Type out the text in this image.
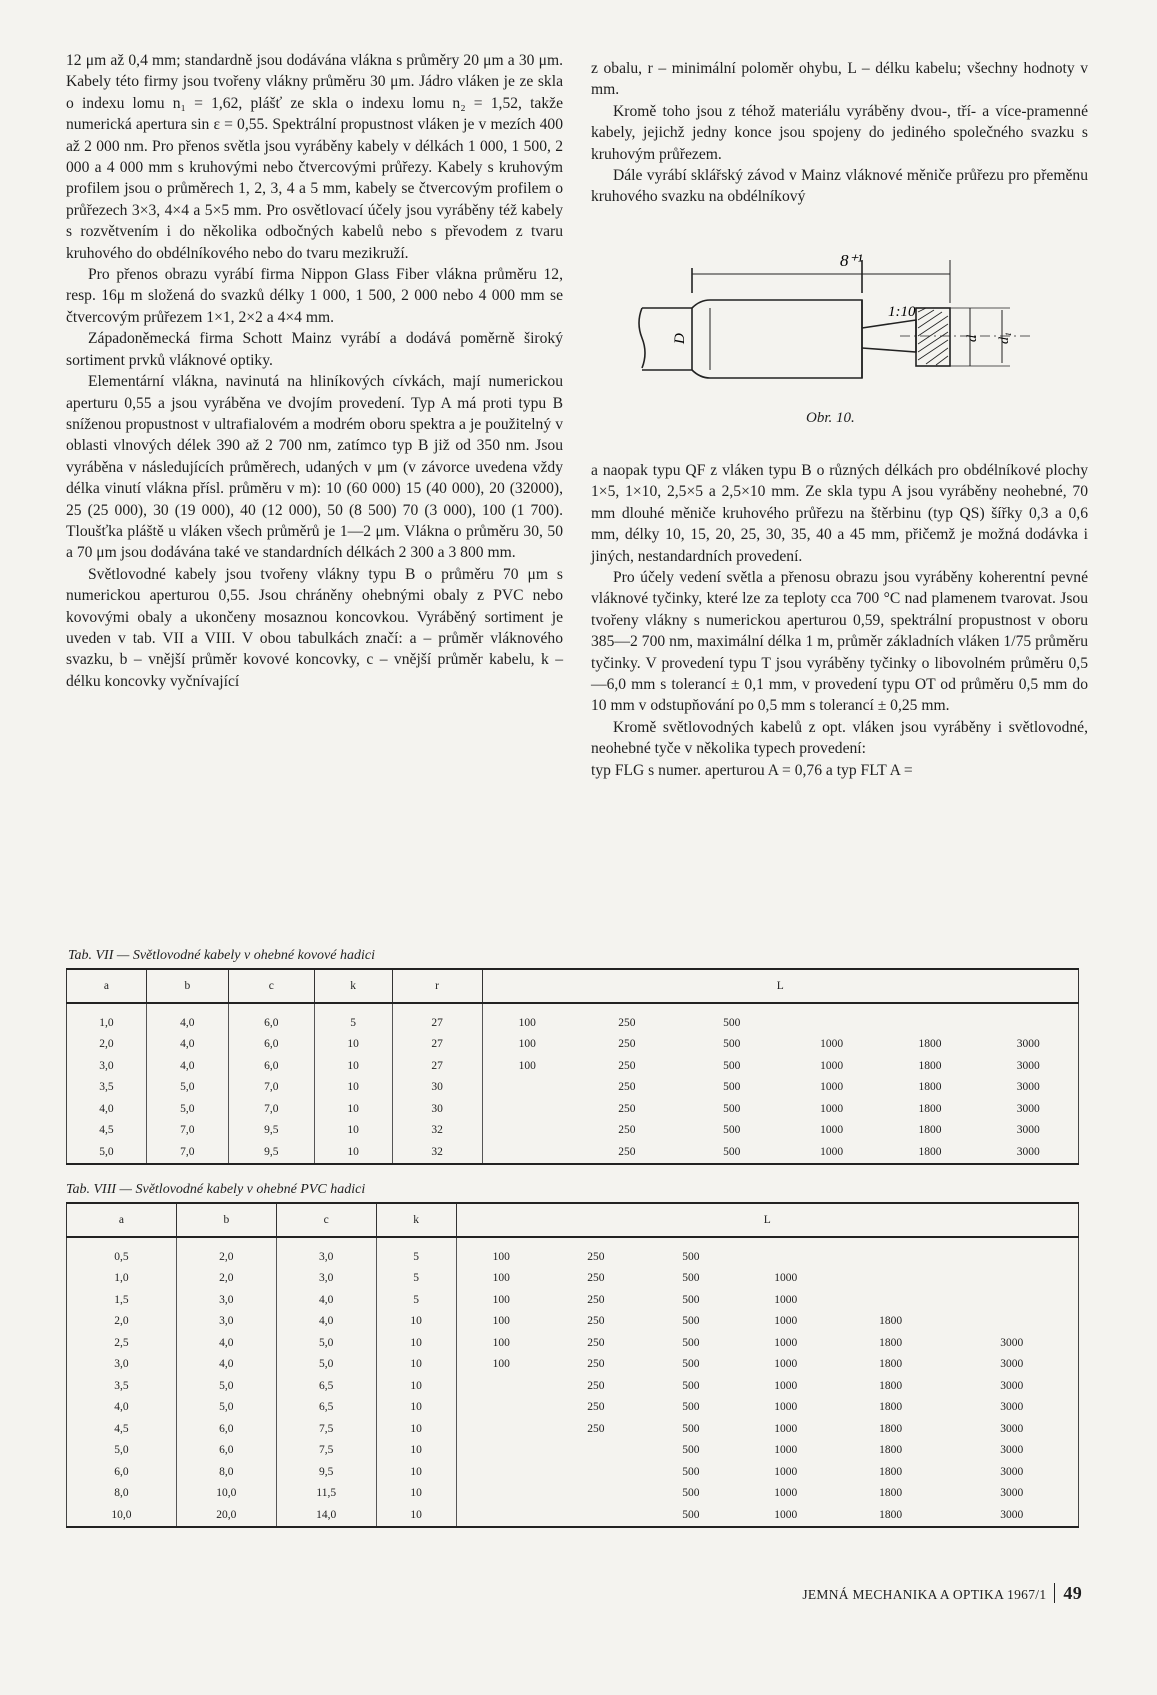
12 μm až 0,4 mm; standardně jsou dodávána vlákna s průměry 20 μm a 30 μm. Kabely této firmy jsou tvořeny vlákny průměru 30 μm. Jádro vláken je ze skla o indexu lomu n₁ = 1,62, plášť ze skla o indexu lomu n₂ = 1,52, takže numerická apertura sin ε = 0,55. Spektrální propustnost vláken je v mezích 400 až 2 000 nm. Pro přenos světla jsou vyráběny kabely v délkách 1 000, 1 500, 2 000 a 4 000 mm s kruhovými nebo čtvercovými průřezy. Kabely s kruhovým profilem jsou o průměrech 1, 2, 3, 4 a 5 mm, kabely se čtvercovým profilem o průřezech 3×3, 4×4 a 5×5 mm. Pro osvětlovací účely jsou vyráběny též kabely s rozvětvením i do několika odbočných kabelů nebo s převodem z tvaru kruhového do obdélníkového nebo do tvaru mezikruží.

Pro přenos obrazu vyrábí firma Nippon Glass Fiber vlákna průměru 12, resp. 16μ m složená do svazků délky 1 000, 1 500, 2 000 nebo 4 000 mm se čtvercovým průřezem 1×1, 2×2 a 4×4 mm.

Západoněmecká firma Schott Mainz vyrábí a dodává poměrně široký sortiment prvků vláknové optiky.

Elementární vlákna, navinutá na hliníkových cívkách, mají numerickou aperturu 0,55 a jsou vyráběna ve dvojím provedení. Typ A má proti typu B sníženou propustnost v ultrafialovém a modrém oboru spektra a je použitelný v oblasti vlnových délek 390 až 2 700 nm, zatímco typ B již od 350 nm. Jsou vyráběna v následujících průměrech, udaných v μm (v závorce uvedena vždy délka vinutí vlákna přísl. průměru v m): 10 (60 000) 15 (40 000), 20 (32000), 25 (25 000), 30 (19 000), 40 (12 000), 50 (8 500) 70 (3 000), 100 (1 700). Tloušťka pláště u vláken všech průměrů je 1—2 μm. Vlákna o průměru 30, 50 a 70 μm jsou dodávána také ve standardních délkách 2 300 a 3 800 mm.

Světlovodné kabely jsou tvořeny vlákny typu B o průměru 70 μm s numerickou aperturou 0,55. Jsou chráněny ohebnými obaly z PVC nebo kovovými obaly a ukončeny mosaznou koncovkou. Vyráběný sortiment je uveden v tab. VII a VIII. V obou tabulkách značí: a – průměr vláknového svazku, b – vnější průměr kovové koncovky, c – vnější průměr kabelu, k – délku koncovky vyčnívající

z obalu, r – minimální poloměr ohybu, L – délku kabelu; všechny hodnoty v mm.

Kromě toho jsou z téhož materiálu vyráběny dvou-, tří- a více-pramenné kabely, jejichž jedny konce jsou spojeny do jediného společného svazku s kruhovým průřezem.

Dále vyrábí sklářský závod v Mainz vláknové měniče průřezu pro přeměnu kruhového svazku na obdélníkový

8⁺¹
1:10
D	d d₁
Obr. 10.

a naopak typu QF z vláken typu B o různých délkách pro obdélníkové plochy 1×5, 1×10, 2,5×5 a 2,5×10 mm. Ze skla typu A jsou vyráběny neohebné, 70 mm dlouhé měniče kruhového průřezu na štěrbinu (typ QS) šířky 0,3 a 0,6 mm, délky 10, 15, 20, 25, 30, 35, 40 a 45 mm, přičemž je možná dodávka i jiných, nestandardních provedení.

Pro účely vedení světla a přenosu obrazu jsou vyráběny koherentní pevné vláknové tyčinky, které lze za teploty cca 700 °C nad plamenem tvarovat. Jsou tvořeny vlákny s numerickou aperturou 0,59, spektrální propustnost v oboru 385—2 700 nm, maximální délka 1 m, průměr základních vláken 1/75 průměru tyčinky. V provedení typu T jsou vyráběny tyčinky o libovolném průměru 0,5—6,0 mm s tolerancí ± 0,1 mm, v provedení typu OT od průměru 0,5 mm do 10 mm v odstupňování po 0,5 mm s tolerancí ± 0,25 mm.

Kromě světlovodných kabelů z opt. vláken jsou vyráběny i světlovodné, neohebné tyče v několika typech provedení:

typ FLG s numer. aperturou A = 0,76 a typ FLT A =

Tab. VII — Světlovodné kabely v ohebné kovové hadici
a	b	c	k	r	L					
1,0	4,0	6,0	5	27	100	250	500			
2,0	4,0	6,0	10	27	100	250	500	1000	1800	3000
3,0	4,0	6,0	10	27	100	250	500	1000	1800	3000
3,5	5,0	7,0	10	30		250	500	1000	1800	3000
4,0	5,0	7,0	10	30		250	500	1000	1800	3000
4,5	7,0	9,5	10	32		250	500	1000	1800	3000
5,0	7,0	9,5	10	32		250	500	1000	1800	3000
Tab. VIII — Světlovodné kabely v ohebné PVC hadici
a	b	c	k	L					
0,5	2,0	3,0	5	100	250	500			
1,0	2,0	3,0	5	100	250	500	1000		
1,5	3,0	4,0	5	100	250	500	1000		
2,0	3,0	4,0	10	100	250	500	1000	1800	
2,5	4,0	5,0	10	100	250	500	1000	1800	3000
3,0	4,0	5,0	10	100	250	500	1000	1800	3000
3,5	5,0	6,5	10		250	500	1000	1800	3000
4,0	5,0	6,5	10		250	500	1000	1800	3000
4,5	6,0	7,5	10		250	500	1000	1800	3000
5,0	6,0	7,5	10			500	1000	1800	3000
6,0	8,0	9,5	10			500	1000	1800	3000
8,0	10,0	11,5	10			500	1000	1800	3000
10,0	20,0	14,0	10			500	1000	1800	3000
JEMNÁ MECHANIKA A OPTIKA 1967/1 49
